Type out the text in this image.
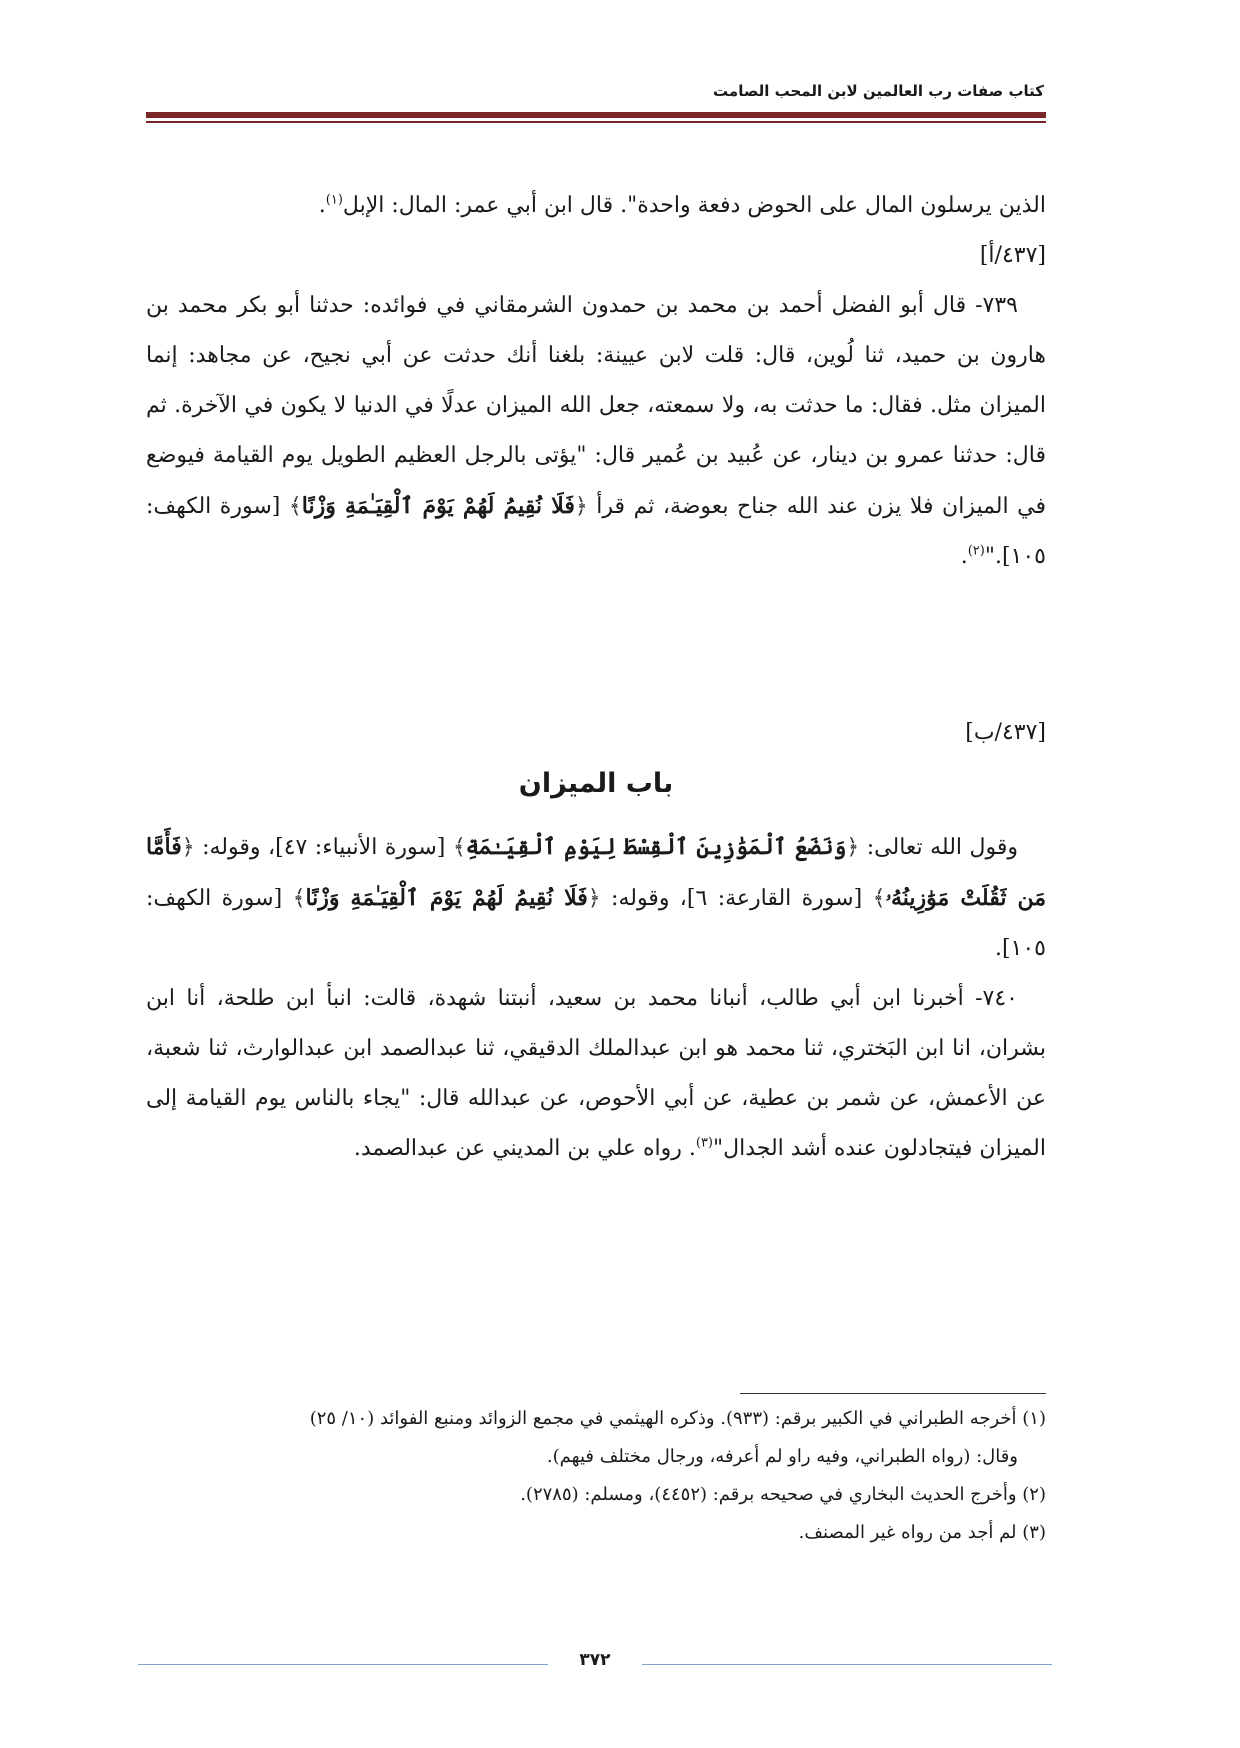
كتاب صفات رب العالمين لابن المحب الصامت

الذين يرسلون المال على الحوض دفعة واحدة". قال ابن أبي عمر: المال: الإبل$^{(١)}$.

[٤٣٧/أ]

٧٣٩- قال أبو الفضل أحمد بن محمد بن حمدون الشرمقاني في فوائده: حدثنا أبو بكر محمد بن هارون بن حميد، ثنا لُوين، قال: قلت لابن عيينة: بلغنا أنك حدثت عن أبي نجيح، عن مجاهد: إنما الميزان مثل. فقال: ما حدثت به، ولا سمعته، جعل الله الميزان عدلًا في الدنيا لا يكون في الآخرة. ثم قال: حدثنا عمرو بن دينار، عن عُبيد بن عُمير قال: "يؤتى بالرجل العظيم الطويل يوم القيامة فيوضع في الميزان فلا يزن عند الله جناح بعوضة، ثم قرأ ﴿فَلَا نُقِيمُ لَهُمْ يَوْمَ ٱلْقِيَـٰمَةِ وَزْنًا﴾ [سورة الكهف: ١٠٥]."$^{(٢)}$.

[٤٣٧/ب]

باب الميزان

وقول الله تعالى: ﴿وَنَضَعُ ٱلْمَوَٰزِينَ ٱلْقِسْطَ لِيَوْمِ ٱلْقِيَـٰمَةِ﴾ [سورة الأنبياء: ٤٧]، وقوله: ﴿فَأَمَّا مَن ثَقُلَتْ مَوَٰزِينُهُۥ﴾ [سورة القارعة: ٦]، وقوله: ﴿فَلَا نُقِيمُ لَهُمْ يَوْمَ ٱلْقِيَـٰمَةِ وَزْنًا﴾ [سورة الكهف: ١٠٥].

٧٤٠- أخبرنا ابن أبي طالب، أنبانا محمد بن سعيد، أنبتنا شهدة، قالت: انبأ ابن طلحة، أنا ابن بشران، انا ابن البَختري، ثنا محمد هو ابن عبدالملك الدقيقي، ثنا عبدالصمد ابن عبدالوارث، ثنا شعبة، عن الأعمش، عن شمر بن عطية، عن أبي الأحوص، عن عبدالله قال: "يجاء بالناس يوم القيامة إلى الميزان فيتجادلون عنده أشد الجدال"$^{(٣)}$. رواه علي بن المديني عن عبدالصمد.

(١) أخرجه الطبراني في الكبير برقم: (٩٣٣). وذكره الهيثمي في مجمع الزوائد ومنبع الفوائد (١٠/ ٢٥)

وقال: (رواه الطبراني، وفيه راو لم أعرفه، ورجال مختلف فيهم).

(٢) وأخرج الحديث البخاري في صحيحه برقم: (٤٤٥٢)، ومسلم: (٢٧٨٥).

(٣) لم أجد من رواه غير المصنف.

٣٧٢
